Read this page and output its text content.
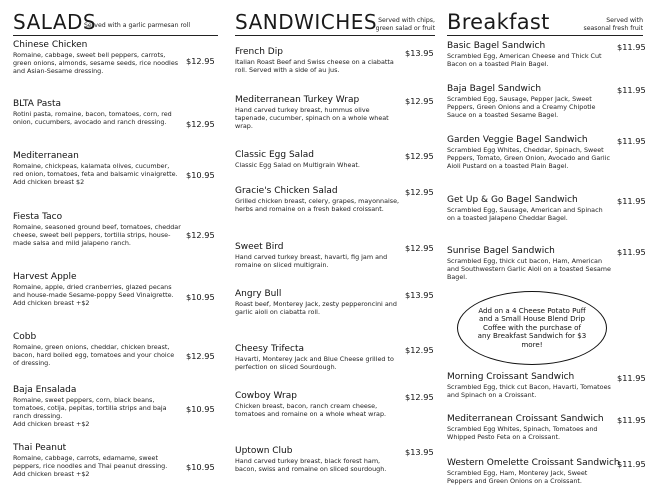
SALADS
Served with a garlic parmesan roll
Chinese Chicken
Romaine, cabbage, sweet bell peppers, carrots, green onions, almonds, sesame seeds, rice noodles and Asian-Sesame dressing.
$12.95
BLTA Pasta
Rotini pasta, romaine, bacon, tomatoes, corn, red onion, cucumbers, avocado and ranch dressing.	$12.95
Mediterranean
Romaine, chickpeas, kalamata olives, cucumber, red onion, tomatoes, feta and balsamic vinaigrette.
Add chicken breast $2
$10.95
Fiesta Taco
Romaine, seasoned ground beef, tomatoes, cheddar cheese, sweet bell peppers, tortilla strips, house-made salsa and mild jalapeno ranch.
$12.95
Harvest Apple
Romaine, apple, dried cranberries, glazed pecans and house-made Sesame-poppy Seed Vinaigrette.
Add chicken breast +$2
$10.95
Cobb
Romaine, green onions, cheddar, chicken breast, bacon, hard boiled egg, tomatoes and your choice of dressing.
$12.95
Baja Ensalada
Romaine, sweet peppers, corn, black beans, tomatoes, cotija, pepitas, tortilla strips and baja ranch dressing.
Add chicken breast +$2
$10.95
Thai Peanut
Romaine, cabbage, carrots, edamame, sweet peppers, rice noodles and Thai peanut dressing.
Add chicken breast +$2
$10.95
SANDWICHES Served with chips, green salad or fruit
French Dip
Italian Roast Beef and Swiss cheese on a ciabatta roll. Served with a side of au jus.
$13.95
Mediterranean Turkey Wrap
Hand carved turkey breast, hummus olive tapenade, cucumber, spinach on a whole wheat wrap.
$12.95
Classic Egg Salad
Classic Egg Salad on Multigrain Wheat.
$12.95
Gracie's Chicken Salad
Grilled chicken breast, celery, grapes, mayonnaise, herbs and romaine on a fresh baked croissant.
$12.95
Sweet Bird
Hand carved turkey breast, havarti, fig jam and romaine on sliced multigrain.
$12.95
Angry Bull
Roast beef, Monterey Jack, zesty pepperoncini and garlic aioli on ciabatta roll.
$13.95
Cheesy Trifecta
Havarti, Monterey Jack and Blue Cheese grilled to perfection on sliced Sourdough.
$12.95
Cowboy Wrap
Chicken breast, bacon, ranch cream cheese, tomatoes and romaine on a whole wheat wrap.
$12.95
Uptown Club
Hand carved turkey breast, black forest ham, bacon, swiss and romaine on sliced sourdough.
$13.95
Breakfast	Served with seasonal fresh fruit
Basic Bagel Sandwich
Scrambled Egg, American Cheese and Thick Cut Bacon on a toasted Plain Bagel.
$11.95
Baja Bagel Sandwich
Scrambled Egg, Sausage, Pepper Jack, Sweet Peppers, Green Onions and a Creamy Chipotle Sauce on a toasted Sesame Bagel.
$11.95
Garden Veggie Bagel Sandwich
Scrambled Egg Whites, Cheddar, Spinach, Sweet Peppers, Tomato, Green Onion, Avocado and Garlic Aioli Pustard on a toasted Plain Bagel.
$11.95
Get Up & Go Bagel Sandwich
Scrambled Egg, Sausage, American and Spinach on a toasted Jalapeno Cheddar Bagel.
$11.95
Sunrise Bagel Sandwich
Scrambled Egg, thick cut bacon, Ham, American and Southwestern Garlic Aioli on a toasted Sesame Bagel.
$11.95
Add on a 4 Cheese Potato Puff and a Small House Blend Drip Coffee with the purchase of any Breakfast Sandwich for $3 more!
Morning Croissant Sandwich
Scrambled Egg, thick cut Bacon, Havarti, Tomatoes and Spinach on a Croissant.
$11.95
Mediterranean Croissant Sandwich
Scrambled Egg Whites, Spinach, Tomatoes and Whipped Pesto Feta on a Croissant.
$11.95
Western Omelette Croissant Sandwich
Scrambled Egg, Ham, Monterey Jack, Sweet Peppers and Green Onions on a Croissant.
$11.95
